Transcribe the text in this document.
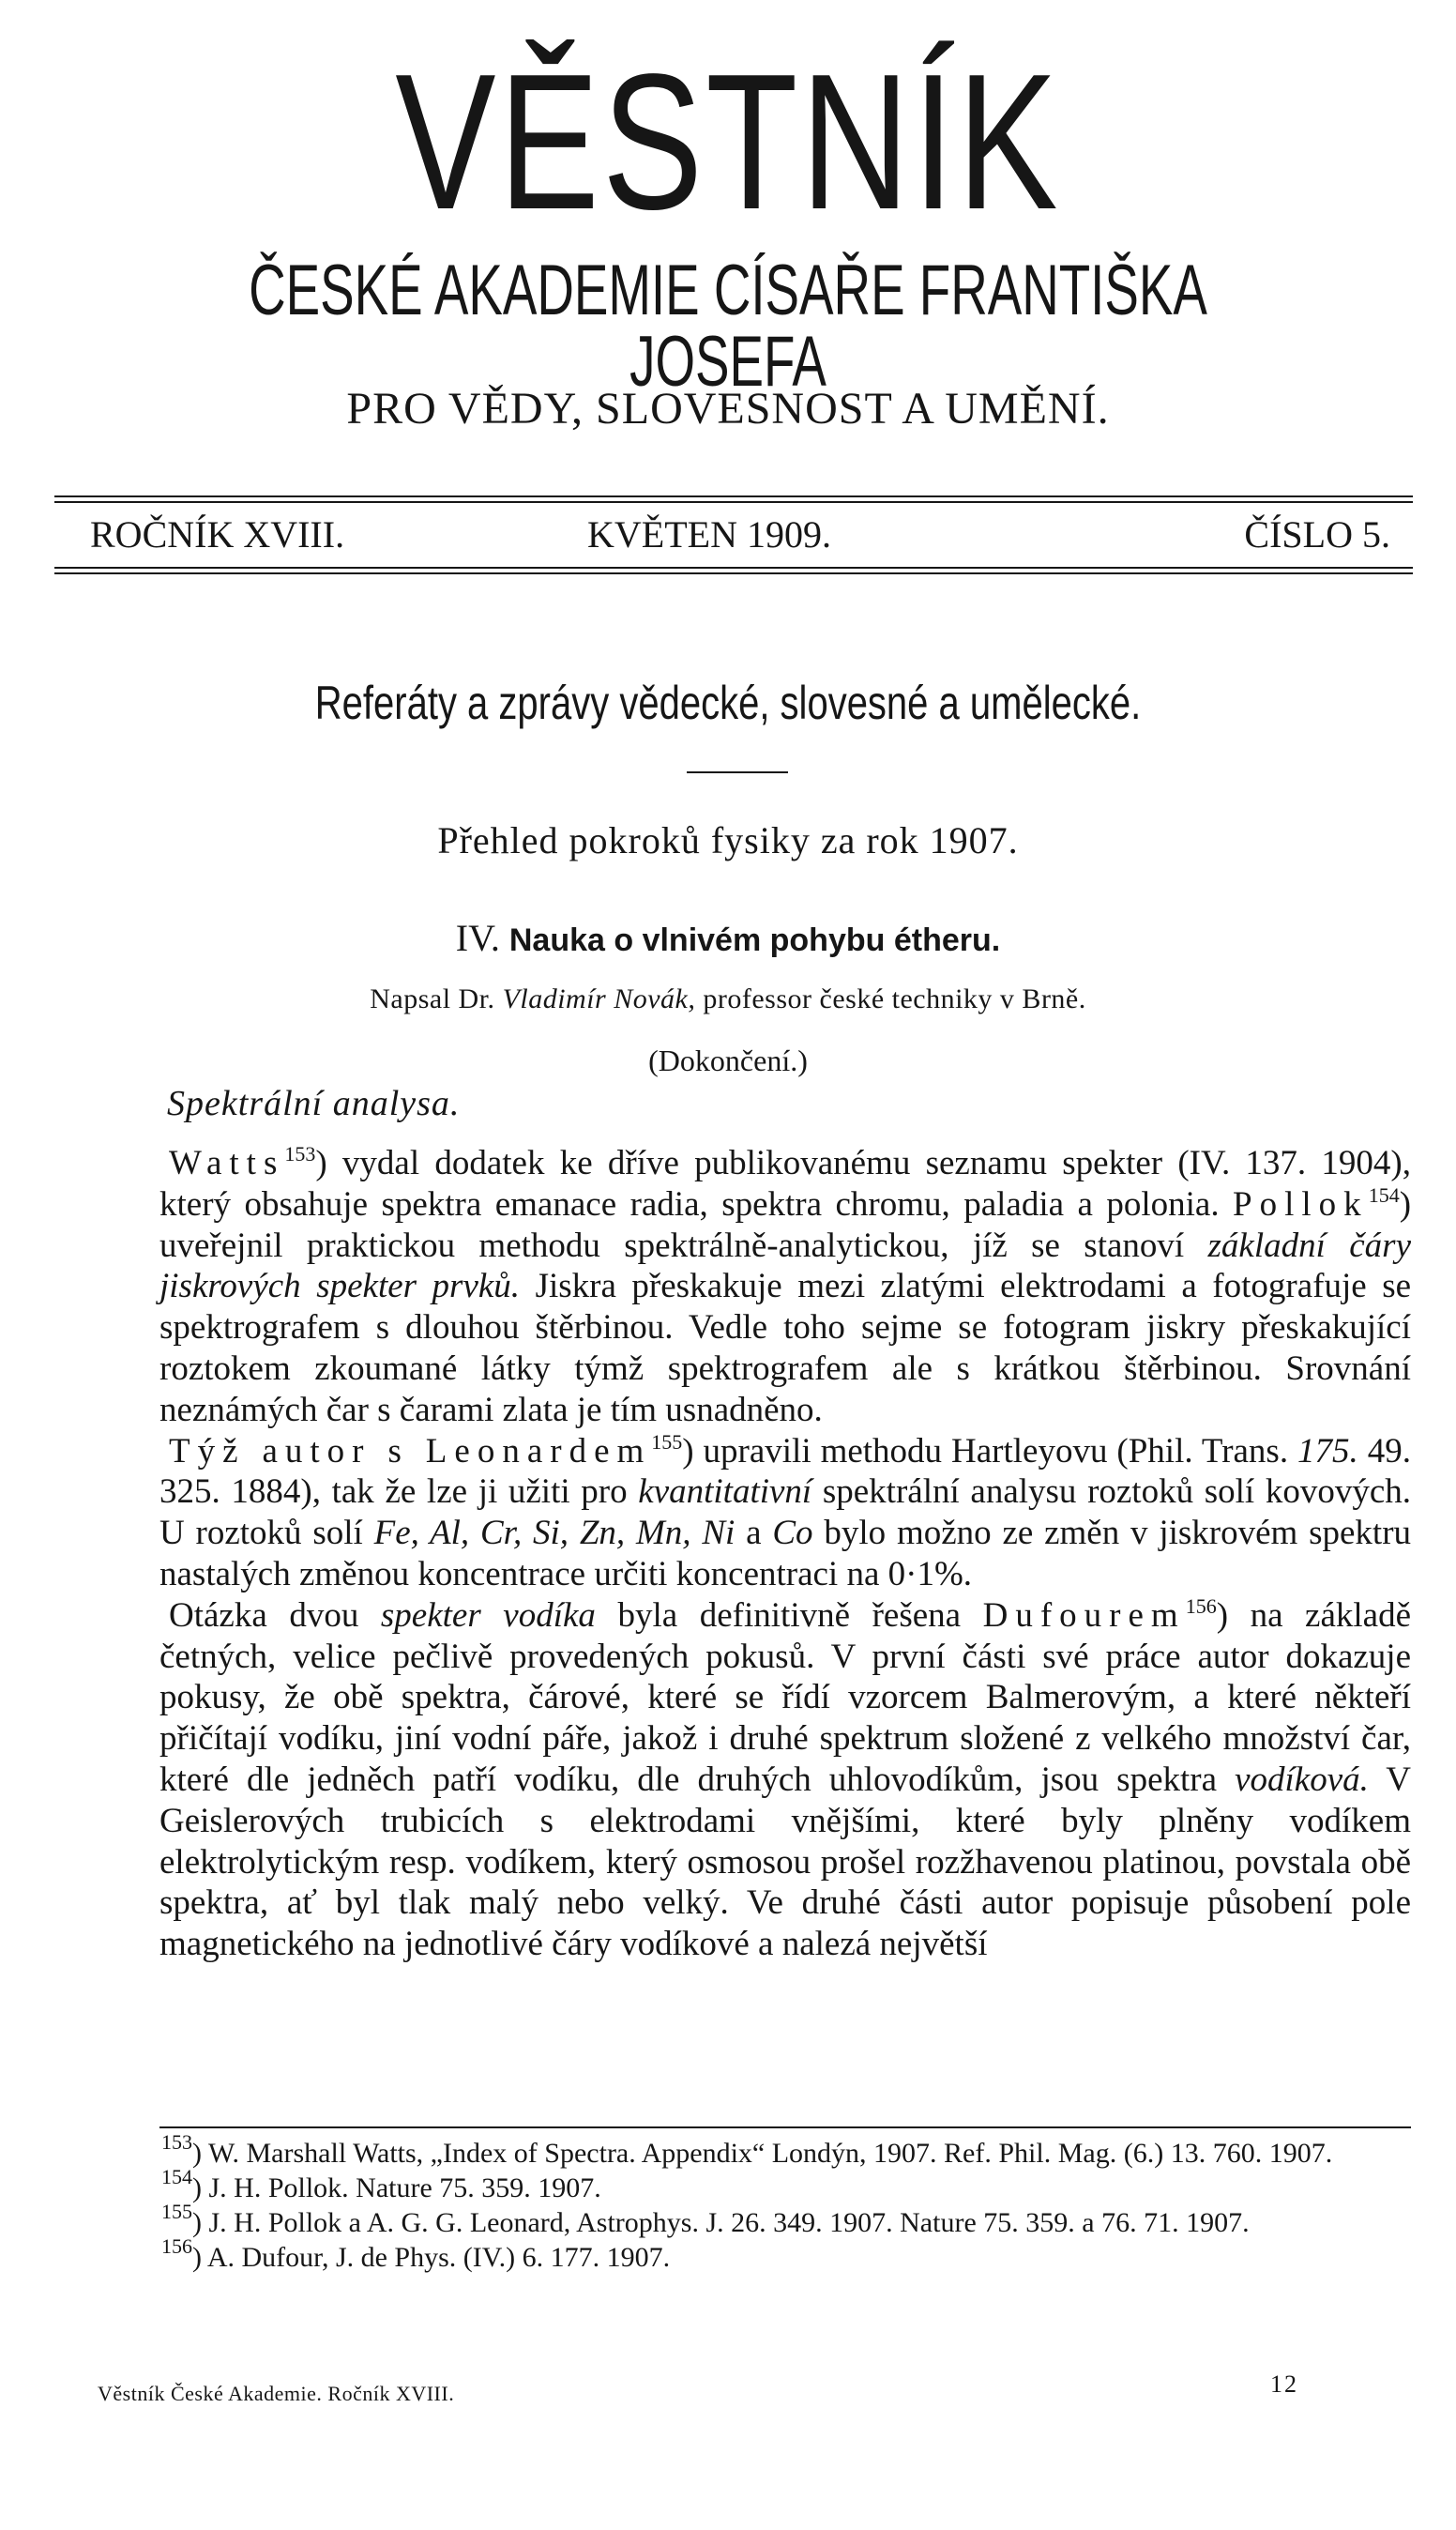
VĚSTNÍK
ČESKÉ AKADEMIE CÍSAŘE FRANTIŠKA JOSEFA
PRO VĚDY, SLOVESNOST A UMĚNÍ.
ROČNÍK XVIII.	KVĚTEN 1909.	ČÍSLO 5.
Referáty a zprávy vědecké, slovesné a umělecké.
Přehled pokroků fysiky za rok 1907.
IV. Nauka o vlnivém pohybu étheru.
Napsal Dr. Vladimír Novák, professor české techniky v Brně.
(Dokončení.)
Spektrální analysa.

Watts$^{153}$) vydal dodatek ke dříve publikovanému seznamu spekter (IV. 137. 1904), který obsahuje spektra emanace radia, spektra chromu, paladia a polonia. Pollok$^{154}$) uveřejnil praktickou methodu spektrálně-analytickou, jíž se stanoví základní čáry jiskrových spekter prvků. Jiskra přeskakuje mezi zlatými elektrodami a fotografuje se spektrografem s dlouhou štěrbinou. Vedle toho sejme se fotogram jiskry přeskakující roztokem zkoumané látky týmž spektrografem ale s krátkou štěrbinou. Srovnání neznámých čar s čarami zlata je tím usnadněno.

Týž autor s Leonardem$^{155}$) upravili methodu Hartleyovu (Phil. Trans. 175. 49. 325. 1884), tak že lze ji užiti pro kvantitativní spektrální analysu roztoků solí kovových. U roztoků solí Fe, Al, Cr, Si, Zn, Mn, Ni a Co bylo možno ze změn v jiskrovém spektru nastalých změnou koncentrace určiti koncentraci na 0·1%.

Otázka dvou spekter vodíka byla definitivně řešena Dufourem$^{156}$) na základě četných, velice pečlivě provedených pokusů. V první části své práce autor dokazuje pokusy, že obě spektra, čárové, které se řídí vzorcem Balmerovým, a které někteří přičítají vodíku, jiní vodní páře, jakož i druhé spektrum složené z velkého množství čar, které dle jedněch patří vodíku, dle druhých uhlovodíkům, jsou spektra vodíková. V Geislerových trubicích s elektrodami vnějšími, které byly plněny vodíkem elektrolytickým resp. vodíkem, který osmosou prošel rozžhavenou platinou, povstala obě spektra, ať byl tlak malý nebo velký. Ve druhé části autor popisuje působení pole magnetického na jednotlivé čáry vodíkové a nalezá největší

$^{153}$) W. Marshall Watts, „Index of Spectra. Appendix“ Londýn, 1907. Ref. Phil. Mag. (6.) 13. 760. 1907.
$^{154}$) J. H. Pollok. Nature 75. 359. 1907.
$^{155}$) J. H. Pollok a A. G. G. Leonard, Astrophys. J. 26. 349. 1907. Nature 75. 359. a 76. 71. 1907.
$^{156}$) A. Dufour, J. de Phys. (IV.) 6. 177. 1907.
Věstník České Akademie. Ročník XVIII.	12
